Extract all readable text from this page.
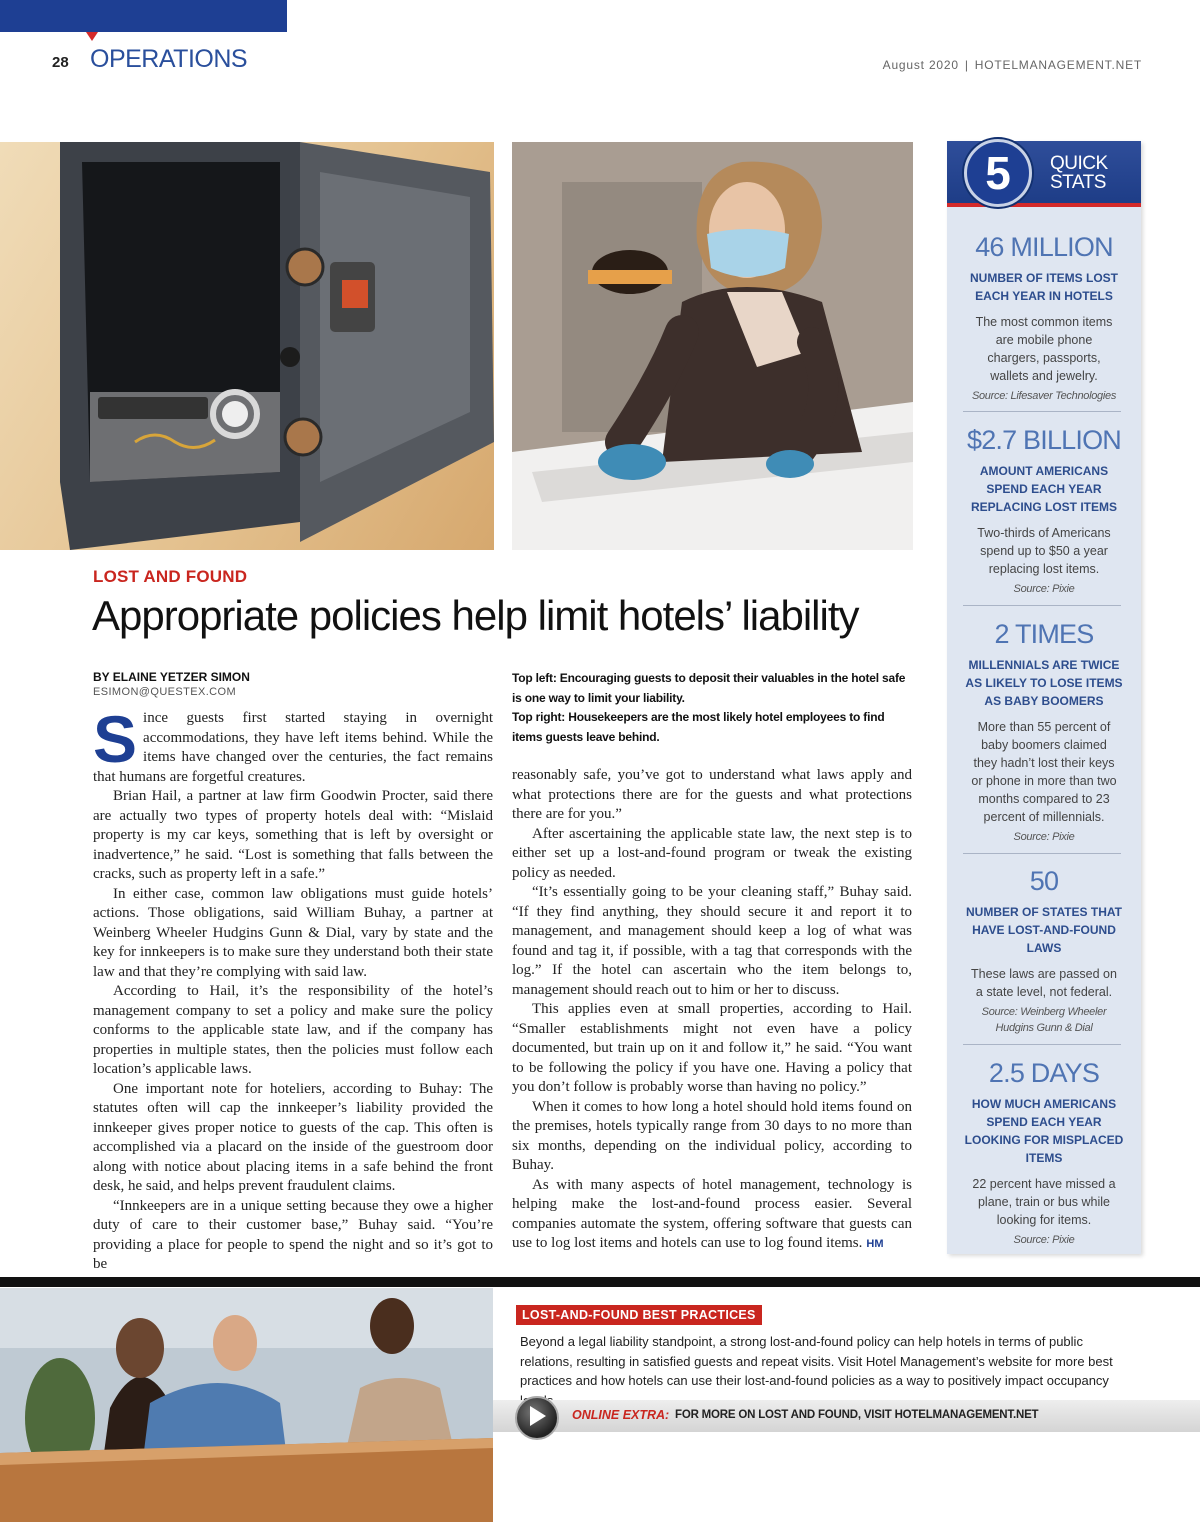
28 OPERATIONS	August 2020 | HOTELMANAGEMENT.NET
5 QUICK
STATS
46 MILLION
NUMBER OF ITEMS LOST EACH YEAR IN HOTELS
The most common items are mobile phone chargers, passports, wallets and jewelry.
Source: Lifesaver Technologies
$2.7 BILLION
AMOUNT AMERICANS SPEND EACH YEAR REPLACING LOST ITEMS
Two-thirds of Americans spend up to $50 a year replacing lost items.
Source: Pixie
2 TIMES
MILLENNIALS ARE TWICE AS LIKELY TO LOSE ITEMS AS BABY BOOMERS
More than 55 percent of baby boomers claimed they hadn’t lost their keys or phone in more than two months compared to 23 percent of millennials.
Source: Pixie
50
NUMBER OF STATES THAT HAVE LOST-AND-FOUND LAWS
These laws are passed on a state level, not federal.
Source: Weinberg Wheeler Hudgins Gunn & Dial
2.5 DAYS
HOW MUCH AMERICANS SPEND EACH YEAR LOOKING FOR MISPLACED ITEMS
22 percent have missed a plane, train or bus while looking for items.
Source: Pixie
LOST AND FOUND
Appropriate policies help limit hotels’ liability
BY ELAINE YETZER SIMON
ESIMON@QUESTEX.COM

Since guests first started staying in overnight accommodations, they have left items behind. While the items have changed over the centuries, the fact remains that humans are forgetful creatures.

Brian Hail, a partner at law firm Goodwin Procter, said there are actually two types of property hotels deal with: “Mislaid property is my car keys, something that is left by oversight or inadvertence,” he said. “Lost is something that falls between the cracks, such as property left in a safe.”

In either case, common law obligations must guide hotels’ actions. Those obligations, said William Buhay, a partner at Weinberg Wheeler Hudgins Gunn & Dial, vary by state and the key for innkeepers is to make sure they understand both their state law and that they’re complying with said law.

According to Hail, it’s the responsibility of the hotel’s management company to set a policy and make sure the policy conforms to the applicable state law, and if the company has properties in multiple states, then the policies must follow each location’s applicable laws.

One important note for hoteliers, according to Buhay: The statutes often will cap the innkeeper’s liability provided the innkeeper gives proper notice to guests of the cap. This often is accomplished via a placard on the inside of the guestroom door along with notice about placing items in a safe behind the front desk, he said, and helps prevent fraudulent claims.

“Innkeepers are in a unique setting because they owe a higher duty of care to their customer base,” Buhay said. “You’re providing a place for people to spend the night and so it’s got to be

Top left: Encouraging guests to deposit their valuables in the hotel safe is one way to limit your liability.
Top right: Housekeepers are the most likely hotel employees to find items guests leave behind.

reasonably safe, you’ve got to understand what laws apply and what protections there are for the guests and what protections there are for you.”

After ascertaining the applicable state law, the next step is to either set up a lost-and-found program or tweak the existing policy as needed.

“It’s essentially going to be your cleaning staff,” Buhay said. “If they find anything, they should secure it and report it to management, and management should keep a log of what was found and tag it, if possible, with a tag that corresponds with the log.” If the hotel can ascertain who the item belongs to, management should reach out to him or her to discuss.

This applies even at small properties, according to Hail. “Smaller establishments might not even have a policy documented, but train up on it and follow it,” he said. “You want to be following the policy if you have one. Having a policy that you don’t follow is probably worse than having no policy.”

When it comes to how long a hotel should hold items found on the premises, hotels typically range from 30 days to no more than six months, depending on the individual policy, according to Buhay.

As with many aspects of hotel management, technology is helping make the lost-and-found process easier. Several companies automate the system, offering software that guests can use to log lost items and hotels can use to log found items. HM

LOST-AND-FOUND BEST PRACTICES
Beyond a legal liability standpoint, a strong lost-and-found policy can help hotels in terms of public relations, resulting in satisfied guests and repeat visits. Visit Hotel Management’s website for more best practices and how hotels can use their lost-and-found policies as a way to positively impact occupancy
ONLINE EXTRA: FOR MORE ON LOST AND FOUND, VISIT HOTELMANAGEMENT.NET
